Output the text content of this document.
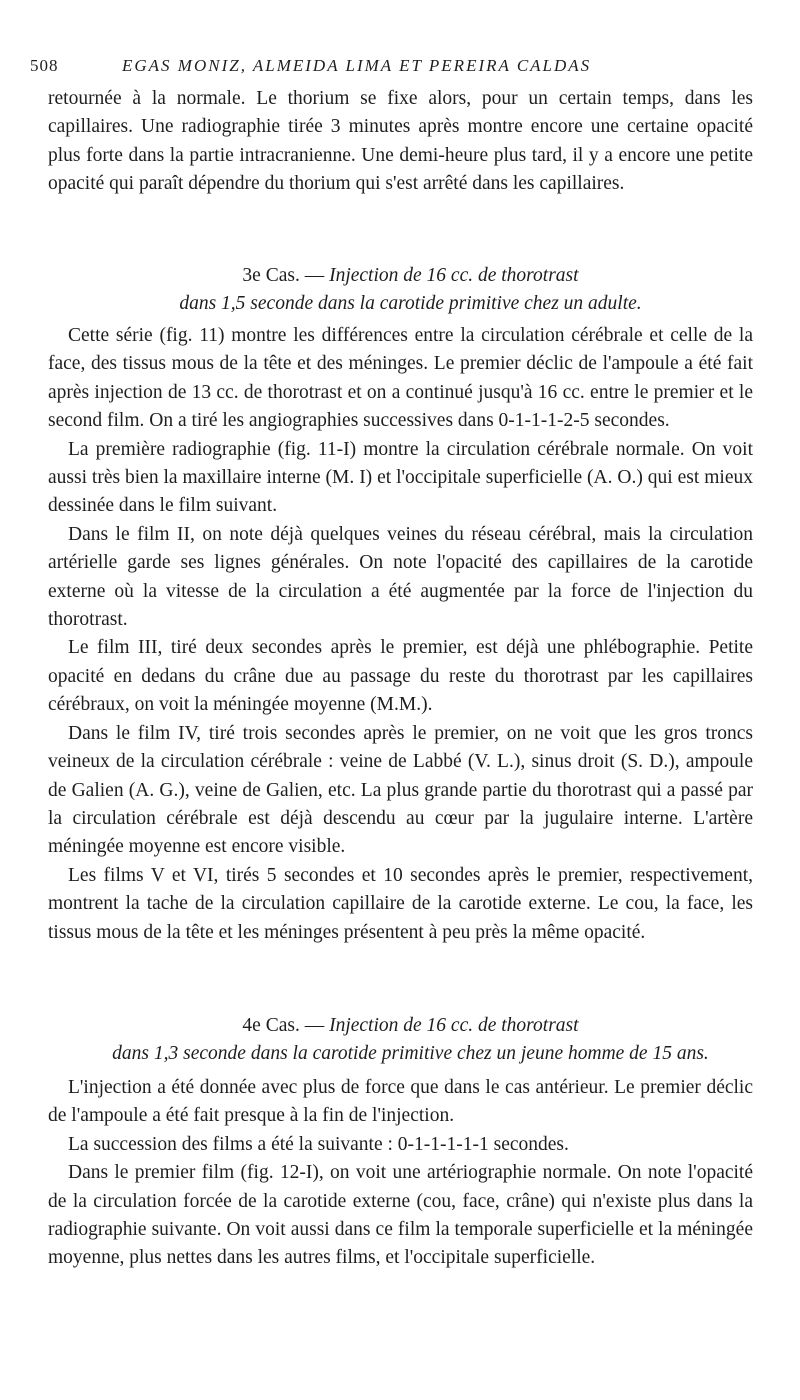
508	EGAS MONIZ, ALMEIDA LIMA ET PEREIRA CALDAS

retournée à la normale. Le thorium se fixe alors, pour un certain temps, dans les capillaires. Une radiographie tirée 3 minutes après montre encore une certaine opacité plus forte dans la partie intracranienne. Une demi-heure plus tard, il y a encore une petite opacité qui paraît dépendre du thorium qui s'est arrêté dans les capillaires.

3e Cas. — Injection de 16 cc. de thorotrast

dans 1,5 seconde dans la carotide primitive chez un adulte.

Cette série (fig. 11) montre les différences entre la circulation cérébrale et celle de la face, des tissus mous de la tête et des méninges. Le premier déclic de l'ampoule a été fait après injection de 13 cc. de thorotrast et on a continué jusqu'à 16 cc. entre le premier et le second film. On a tiré les angiographies successives dans 0-1-1-1-2-5 secondes.

La première radiographie (fig. 11-I) montre la circulation cérébrale normale. On voit aussi très bien la maxillaire interne (M. I) et l'occipitale superficielle (A. O.) qui est mieux dessinée dans le film suivant.

Dans le film II, on note déjà quelques veines du réseau cérébral, mais la circulation artérielle garde ses lignes générales. On note l'opacité des capillaires de la carotide externe où la vitesse de la circulation a été augmentée par la force de l'injection du thorotrast.

Le film III, tiré deux secondes après le premier, est déjà une phlébographie. Petite opacité en dedans du crâne due au passage du reste du thorotrast par les capillaires cérébraux, on voit la méningée moyenne (M.M.).

Dans le film IV, tiré trois secondes après le premier, on ne voit que les gros troncs veineux de la circulation cérébrale : veine de Labbé (V. L.), sinus droit (S. D.), ampoule de Galien (A. G.), veine de Galien, etc. La plus grande partie du thorotrast qui a passé par la circulation cérébrale est déjà descendu au cœur par la jugulaire interne. L'artère méningée moyenne est encore visible.

Les films V et VI, tirés 5 secondes et 10 secondes après le premier, respectivement, montrent la tache de la circulation capillaire de la carotide externe. Le cou, la face, les tissus mous de la tête et les méninges présentent à peu près la même opacité.

4e Cas. — Injection de 16 cc. de thorotrast

dans 1,3 seconde dans la carotide primitive chez un jeune homme de 15 ans.

L'injection a été donnée avec plus de force que dans le cas antérieur. Le premier déclic de l'ampoule a été fait presque à la fin de l'injection.

La succession des films a été la suivante : 0-1-1-1-1-1 secondes.

Dans le premier film (fig. 12-I), on voit une artériographie normale. On note l'opacité de la circulation forcée de la carotide externe (cou, face, crâne) qui n'existe plus dans la radiographie suivante. On voit aussi dans ce film la temporale superficielle et la méningée moyenne, plus nettes dans les autres films, et l'occipitale superficielle.
